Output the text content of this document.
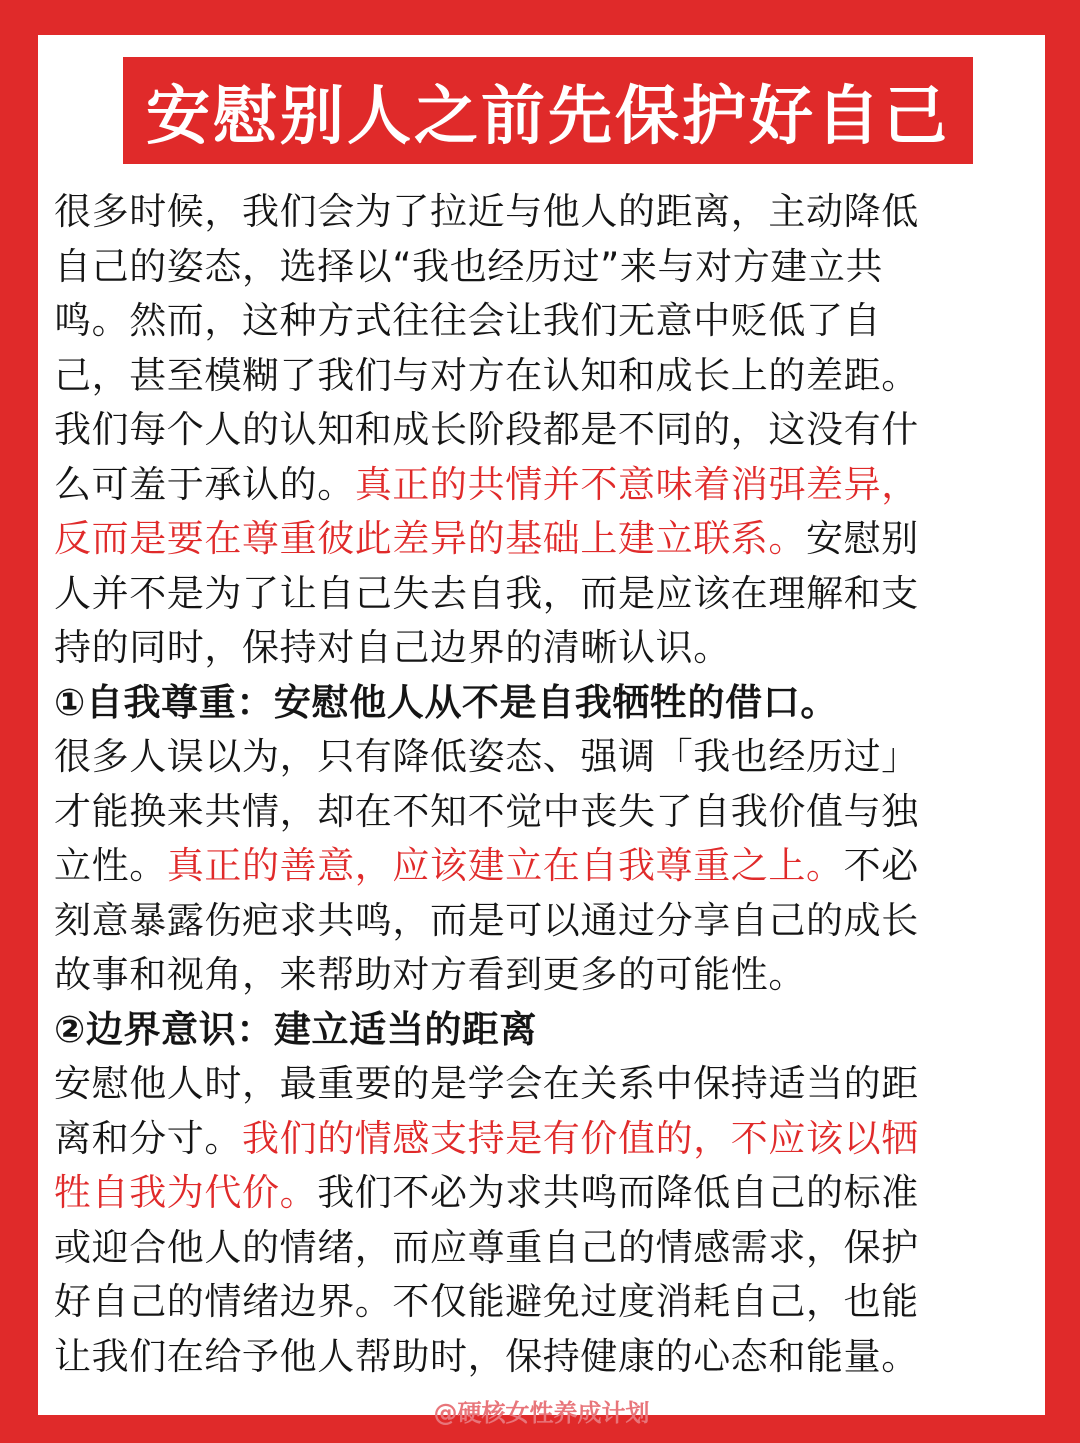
安慰别人之前先保护好自己
很多时候，我们会为了拉近与他人的距离，主动降低
自己的姿态，选择以“我也经历过”来与对方建立共
鸣。然而，这种方式往往会让我们无意中贬低了自
己，甚至模糊了我们与对方在认知和成长上的差距。
我们每个人的认知和成长阶段都是不同的，这没有什
么可羞于承认的。真正的共情并不意味着消弭差异，
反而是要在尊重彼此差异的基础上建立联系。安慰别
人并不是为了让自己失去自我，而是应该在理解和支
持的同时，保持对自己边界的清晰认识。
①自我尊重：安慰他人从不是自我牺牲的借口。
很多人误以为，只有降低姿态、强调「我也经历过」
才能换来共情，却在不知不觉中丧失了自我价值与独
立性。真正的善意，应该建立在自我尊重之上。不必
刻意暴露伤疤求共鸣，而是可以通过分享自己的成长
故事和视角，来帮助对方看到更多的可能性。
②边界意识：建立适当的距离
安慰他人时，最重要的是学会在关系中保持适当的距
离和分寸。我们的情感支持是有价值的，不应该以牺
牲自我为代价。我们不必为求共鸣而降低自己的标准
或迎合他人的情绪，而应尊重自己的情感需求，保护
好自己的情绪边界。不仅能避免过度消耗自己，也能
让我们在给予他人帮助时，保持健康的心态和能量。
@硬核女性养成计划
